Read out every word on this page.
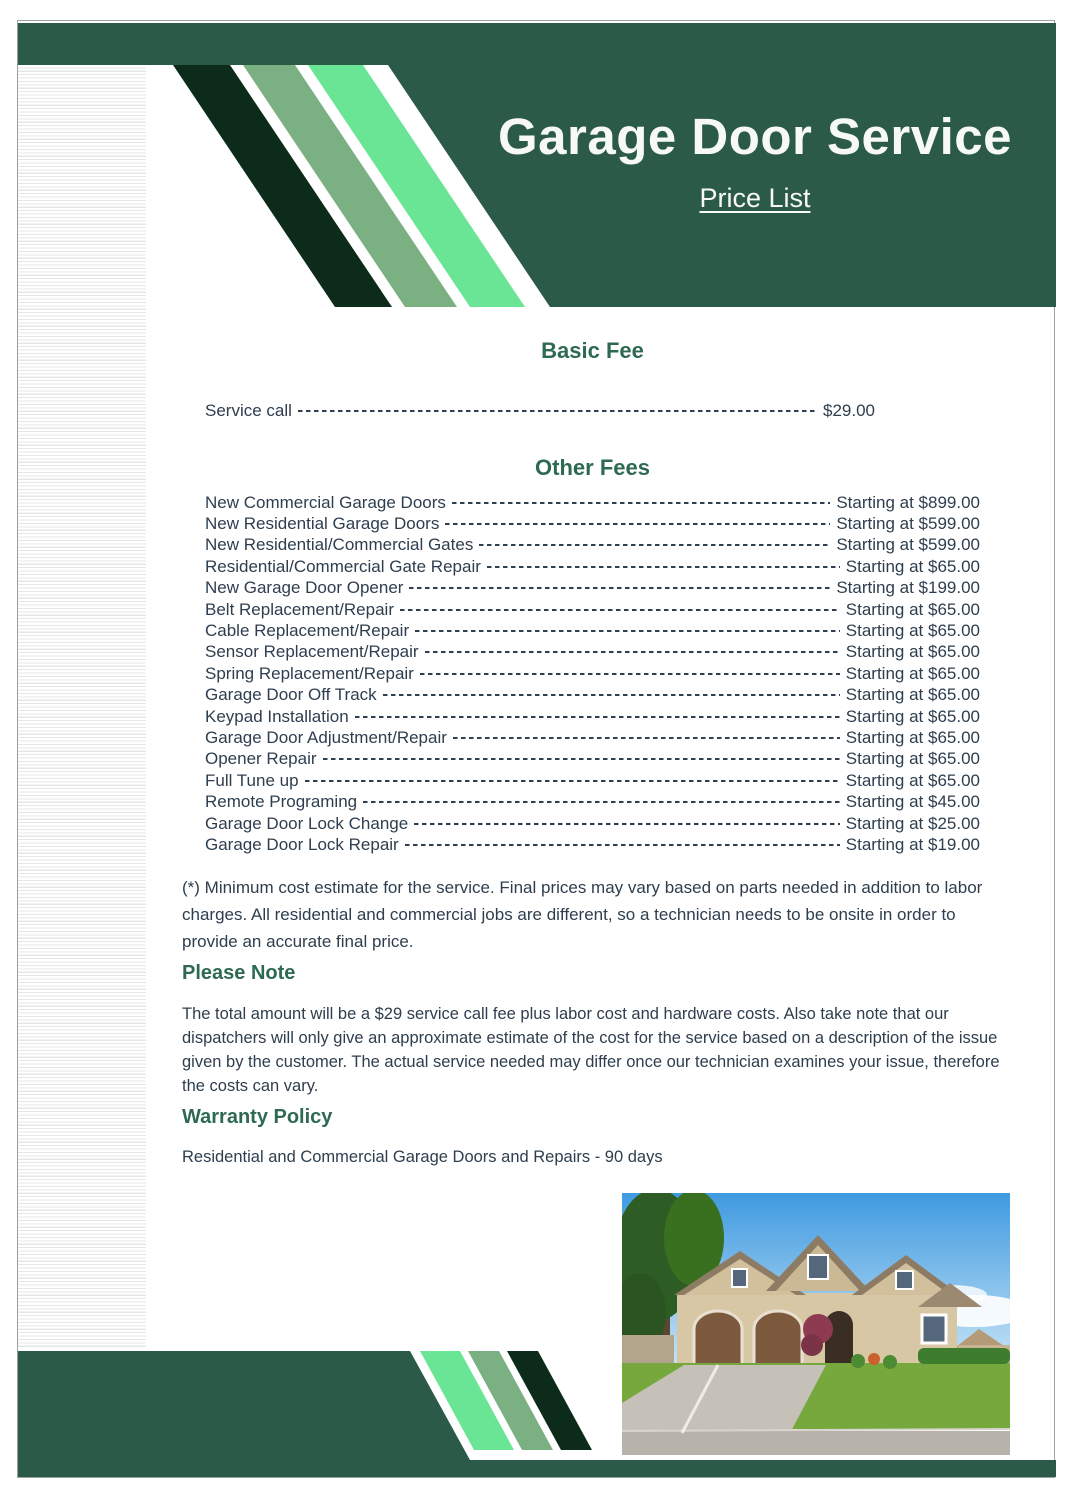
Garage Door Service
Price List
Basic Fee
Service call	$29.00
Other Fees
New Commercial Garage Doors	Starting at $899.00
New Residential Garage Doors	Starting at $599.00
New Residential/Commercial Gates	Starting at $599.00
Residential/Commercial Gate Repair	Starting at $65.00
New Garage Door Opener	Starting at $199.00
Belt Replacement/Repair	Starting at $65.00
Cable Replacement/Repair	Starting at $65.00
Sensor Replacement/Repair	Starting at $65.00
Spring Replacement/Repair	Starting at $65.00
Garage Door Off Track	Starting at $65.00
Keypad Installation	Starting at $65.00
Garage Door Adjustment/Repair	Starting at $65.00
Opener Repair	Starting at $65.00
Full Tune up	Starting at $65.00
Remote Programing	Starting at $45.00
Garage Door Lock Change	Starting at $25.00
Garage Door Lock Repair	Starting at $19.00
(*) Minimum cost estimate for the service. Final prices may vary based on parts needed in addition to labor charges. All residential and commercial jobs are different, so a technician needs to be onsite in order to provide an accurate final price.
Please Note
The total amount will be a $29 service call fee plus labor cost and hardware costs. Also take note that our dispatchers will only give an approximate estimate of the cost for the service based on a description of the issue given by the customer. The actual service needed may differ once our technician examines your issue, therefore the costs can vary.
Warranty Policy
Residential and Commercial Garage Doors and Repairs - 90 days
